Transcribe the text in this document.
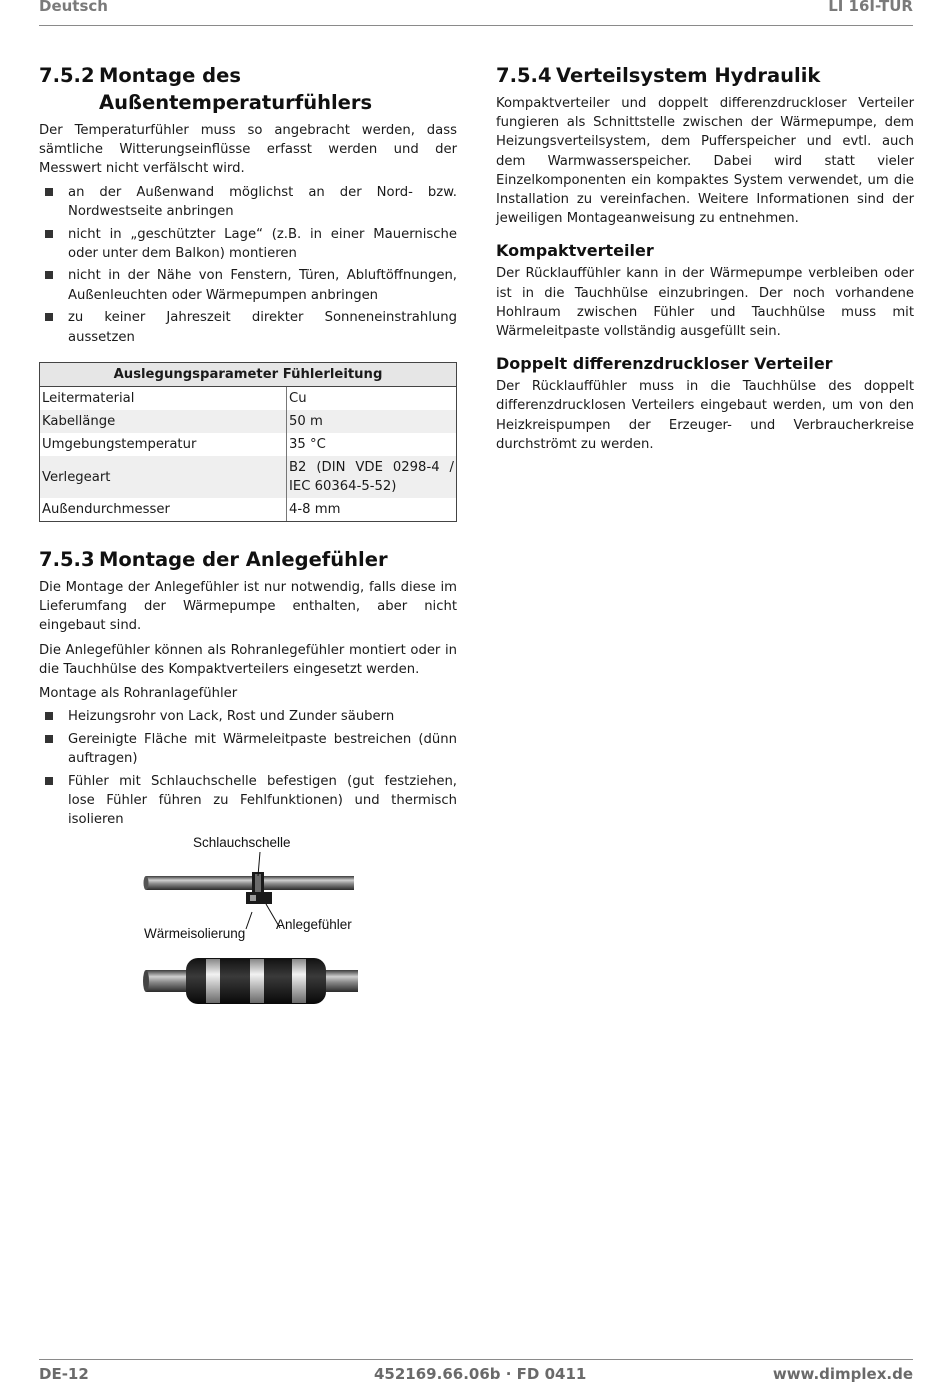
Deutsch	LI 16I-TUR
7.5.2 Montage des
Außentemperaturfühlers

Der Temperaturfühler muss so angebracht werden, dass sämtliche Witterungseinflüsse erfasst werden und der Messwert nicht verfälscht wird.

an der Außenwand möglichst an der Nord- bzw. Nordwestseite anbringen
nicht in „geschützter Lage“ (z.B. in einer Mauernische oder unter dem Balkon) montieren
nicht in der Nähe von Fenstern, Türen, Abluftöffnungen, Außenleuchten oder Wärmepumpen anbringen
zu keiner Jahreszeit direkter Sonneneinstrahlung aussetzen
Auslegungsparameter Fühlerleitung	
Leitermaterial	Cu
Kabellänge	50 m
Umgebungstemperatur	35 °C
Verlegeart	B2 (DIN VDE 0298-4 / IEC 60364-5-52)
Außendurchmesser	4-8 mm
7.5.3 Montage der Anlegefühler

Die Montage der Anlegefühler ist nur notwendig, falls diese im Lieferumfang der Wärmepumpe enthalten, aber nicht eingebaut sind.

Die Anlegefühler können als Rohranlegefühler montiert oder in die Tauchhülse des Kompaktverteilers eingesetzt werden.

Montage als Rohranlagefühler

Heizungsrohr von Lack, Rost und Zunder säubern
Gereinigte Fläche mit Wärmeleitpaste bestreichen (dünn auftragen)
Fühler mit Schlauchschelle befestigen (gut festziehen, lose Fühler führen zu Fehlfunktionen) und thermisch isolieren
Schlauchschelle
Wärmeisolierung
Anlegefühler
7.5.4 Verteilsystem Hydraulik

Kompaktverteiler und doppelt differenzdruckloser Verteiler fungieren als Schnittstelle zwischen der Wärmepumpe, dem Heizungsverteilsystem, dem Pufferspeicher und evtl. auch dem Warmwasserspeicher. Dabei wird statt vieler Einzelkomponenten ein kompaktes System verwendet, um die Installation zu vereinfachen. Weitere Informationen sind der jeweiligen Montageanweisung zu entnehmen.

Kompaktverteiler

Der Rücklauffühler kann in der Wärmepumpe verbleiben oder ist in die Tauchhülse einzubringen. Der noch vorhandene Hohlraum zwischen Fühler und Tauchhülse muss mit Wärmeleitpaste vollständig ausgefüllt sein.

Doppelt differenzdruckloser Verteiler

Der Rücklauffühler muss in die Tauchhülse des doppelt differenzdrucklosen Verteilers eingebaut werden, um von den Heizkreispumpen der Erzeuger- und Verbraucherkreise durchströmt zu werden.

DE-12	452169.66.06b · FD 0411	www.dimplex.de
